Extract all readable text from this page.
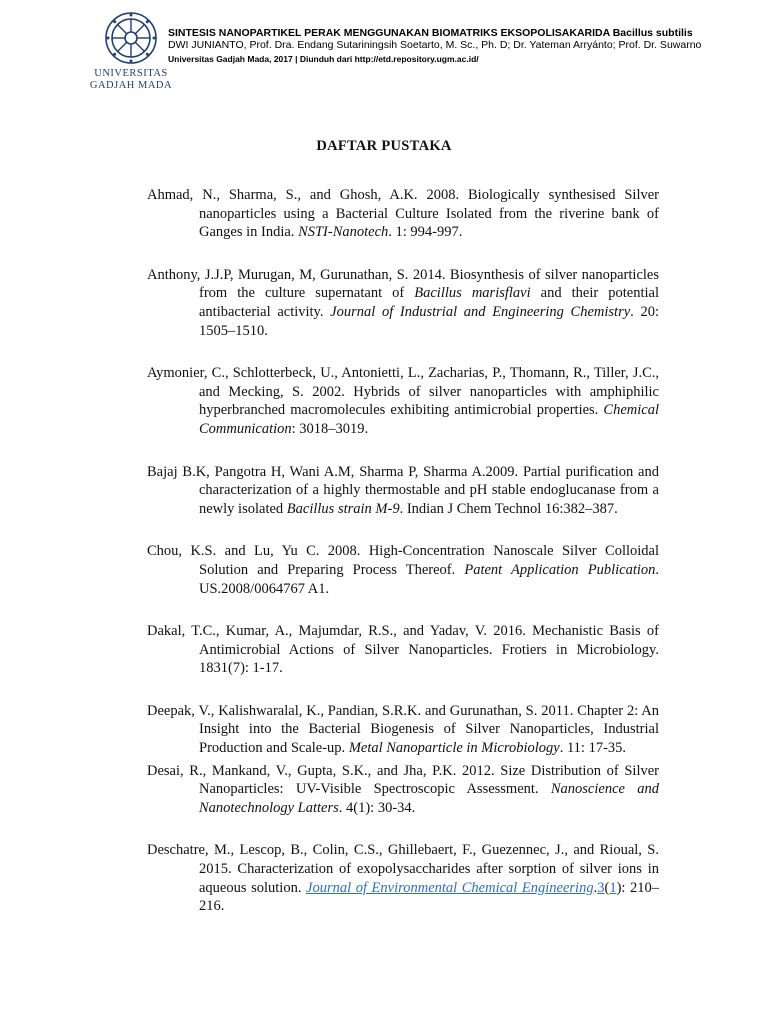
UNIVERSITAS
GADJAH MADA
SINTESIS NANOPARTIKEL PERAK MENGGUNAKAN BIOMATRIKS EKSOPOLISAKARIDA Bacillus subtilis
DWI JUNIANTO, Prof. Dra. Endang Sutariningsih Soetarto, M. Sc., Ph. D; Dr. Yateman Arryánto; Prof. Dr. Suwarno
Universitas Gadjah Mada, 2017 | Diunduh dari http://etd.repository.ugm.ac.id/
DAFTAR PUSTAKA

Ahmad, N., Sharma, S., and Ghosh, A.K. 2008. Biologically synthesised Silver nanoparticles using a Bacterial Culture Isolated from the riverine bank of Ganges in India. NSTI-Nanotech. 1: 994-997.

Anthony, J.J.P, Murugan, M, Gurunathan, S. 2014. Biosynthesis of silver nanoparticles from the culture supernatant of Bacillus marisflavi and their potential antibacterial activity. Journal of Industrial and Engineering Chemistry. 20: 1505–1510.

Aymonier, C., Schlotterbeck, U., Antonietti, L., Zacharias, P., Thomann, R., Tiller, J.C., and Mecking, S. 2002. Hybrids of silver nanoparticles with amphiphilic hyperbranched macromolecules exhibiting antimicrobial properties. Chemical Communication: 3018–3019.

Bajaj B.K, Pangotra H, Wani A.M, Sharma P, Sharma A.2009. Partial purification and characterization of a highly thermostable and pH stable endoglucanase from a newly isolated Bacillus strain M-9. Indian J Chem Technol 16:382–387.

Chou, K.S. and Lu, Yu C. 2008. High-Concentration Nanoscale Silver Colloidal Solution and Preparing Process Thereof. Patent Application Publication. US.2008/0064767 A1.

Dakal, T.C., Kumar, A., Majumdar, R.S., and Yadav, V. 2016. Mechanistic Basis of Antimicrobial Actions of Silver Nanoparticles. Frotiers in Microbiology. 1831(7): 1-17.

Deepak, V., Kalishwaralal, K., Pandian, S.R.K. and Gurunathan, S. 2011. Chapter 2: An Insight into the Bacterial Biogenesis of Silver Nanoparticles, Industrial Production and Scale-up. Metal Nanoparticle in Microbiology. 11: 17-35.

Desai, R., Mankand, V., Gupta, S.K., and Jha, P.K. 2012. Size Distribution of Silver Nanoparticles: UV-Visible Spectroscopic Assessment. Nanoscience and Nanotechnology Latters. 4(1): 30-34.

Deschatre, M., Lescop, B., Colin, C.S., Ghillebaert, F., Guezennec, J., and Rioual, S. 2015. Characterization of exopolysaccharides after sorption of silver ions in aqueous solution. Journal of Environmental Chemical Engineering.3(1): 210–216.
